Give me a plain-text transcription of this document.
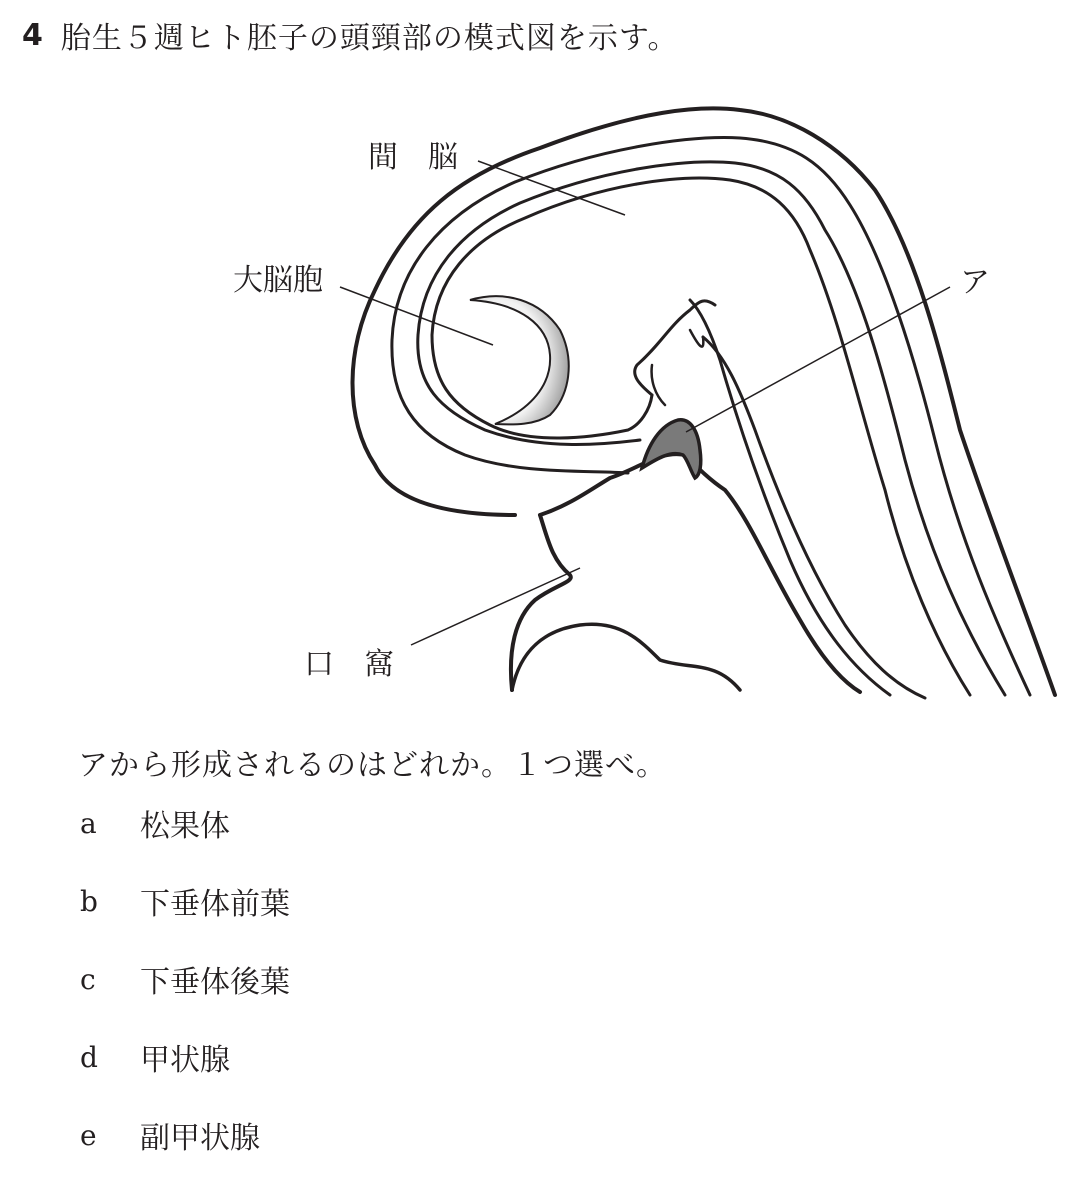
4 胎生５週ヒト胚子の頭頸部の模式図を示す。
間　脳
大脳胞	ア
口　窩
アから形成されるのはどれか。１つ選べ。
a	松果体
b	下垂体前葉
c	下垂体後葉
d	甲状腺
e	副甲状腺
